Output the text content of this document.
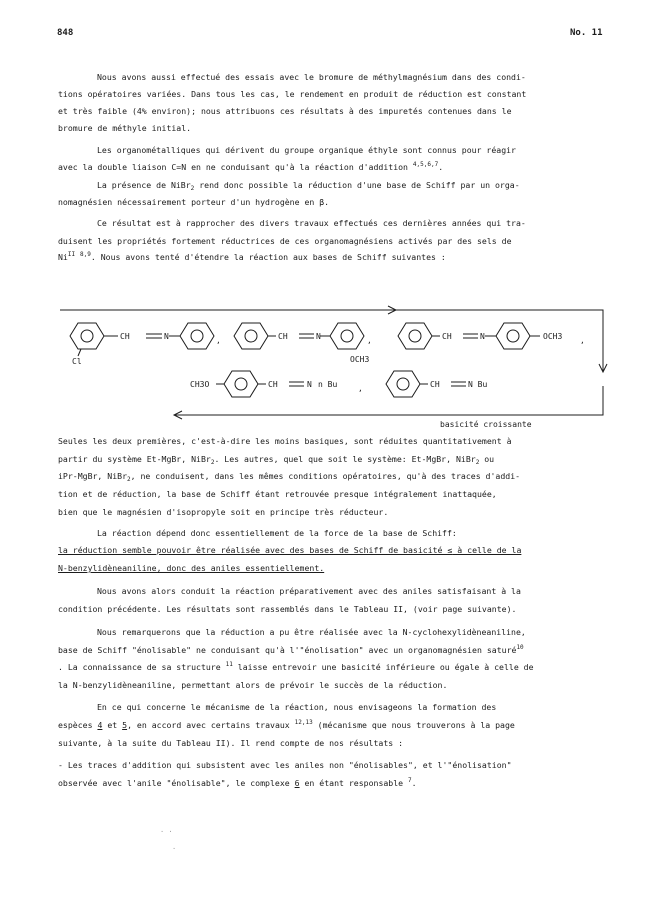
848	No. 11
Nous avons aussi effectué des essais avec le bromure de méthylmagnésium dans des condi-
tions opératoires variées. Dans tous les cas, le rendement en produit de réduction est constant
et très faible (4% environ); nous attribuons ces résultats à des impuretés contenues dans le
bromure de méthyle initial.
Les organométalliques qui dérivent du groupe organique éthyle sont connus pour réagir
avec la double liaison C=N en ne conduisant qu'à la réaction d'addition $^{4,5,6,7}$.
La présence de NiBr$_2$ rend donc possible la réduction d'une base de Schiff par un orga-
nomagnésien nécessairement porteur d'un hydrogène en β.
Ce résultat est à rapprocher des divers travaux effectués ces dernières années qui tra-
duisent les propriétés fortement réductrices de ces organomagnésiens activés par des sels de
$Ni^{II}$ $^{8,9}$. Nous avons tenté d'étendre la réaction aux bases de Schiff suivantes :
CH	N	,
Cl
CH	N	,
OCH3
CH	N	OCH3 ,
CH3O	CH	N n Bu	,	CH	N Bu
basicité croissante
Seules les deux premières, c'est-à-dire les moins basiques, sont réduites quantitativement à
partir du système Et-MgBr, NiBr$_2$. Les autres, quel que soit le système: Et-MgBr, NiBr$_2$ ou
iPr-MgBr, NiBr$_2$, ne conduisent, dans les mêmes conditions opératoires, qu'à des traces d'addi-
tion et de réduction, la base de Schiff étant retrouvée presque intégralement inattaquée,
bien que le magnésien d'isopropyle soit en principe très réducteur.
La réaction dépend donc essentiellement de la force de la base de Schiff:
la réduction semble pouvoir être réalisée avec des bases de Schiff de basicité ≤ à celle de la
N-benzylidèneaniline, donc des aniles essentiellement.
Nous avons alors conduit la réaction préparativement avec des aniles satisfaisant à la
condition précédente. Les résultats sont rassemblés dans le Tableau II, (voir page suivante).
Nous remarquerons que la réduction a pu être réalisée avec la N-cyclohexylidèneaniline,
base de Schiff "énolisable" ne conduisant qu'à l'"énolisation" avec un organomagnésien saturé$^{10}$
. La connaissance de sa structure $^{11}$ laisse entrevoir une basicité inférieure ou égale à celle de
la N-benzylidèneaniline, permettant alors de prévoir le succès de la réduction.
En ce qui concerne le mécanisme de la réaction, nous envisageons la formation des
espèces 4 et 5, en accord avec certains travaux $^{12,13}$ (mécanisme que nous trouverons à la page
suivante, à la suite du Tableau II). Il rend compte de nos résultats :
- Les traces d'addition qui subsistent avec les aniles non "énolisables", et l'"énolisation"
observée avec l'anile "énolisable", le complexe 6 en étant responsable $^7$.
· ·
·
